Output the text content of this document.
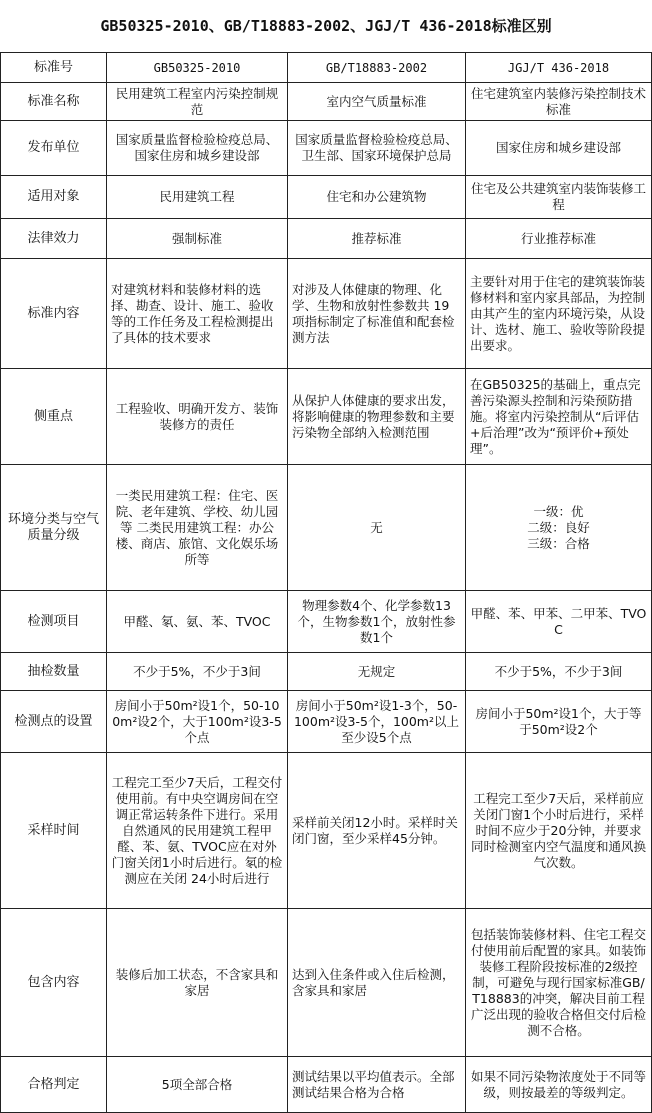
GB50325-2010、GB/T18883-2002、JGJ/T 436-2018标准区别
标准号	GB50325-2010	GB/T18883-2002	JGJ/T 436-2018
标准名称	民用建筑工程室内污染控制规范	室内空气质量标准	住宅建筑室内装修污染控制技术标准
发布单位	国家质量监督检验检疫总局、国家住房和城乡建设部	国家质量监督检验检疫总局、卫生部、国家环境保护总局	国家住房和城乡建设部
适用对象	民用建筑工程	住宅和办公建筑物	住宅及公共建筑室内装饰装修工程
法律效力	强制标准	推荐标准	行业推荐标准
标准内容	对建筑材料和装修材料的选择、勘查、设计、施工、验收等的工作任务及工程检测提出了具体的技术要求	对涉及人体健康的物理、化学、生物和放射性参数共 19项指标制定了标准值和配套检测方法	主要针对用于住宅的建筑装饰装修材料和室内家具部品，为控制由其产生的室内环境污染，从设计、选材、施工、验收等阶段提出要求。
侧重点	工程验收、明确开发方、装饰装修方的责任	从保护人体健康的要求出发，将影响健康的物理参数和主要污染物全部纳入检测范围	在GB50325的基础上，重点完善污染源头控制和污染预防措施。将室内污染控制从“后评估+后治理”改为“预评价+预处理”。
环境分类与空气质量分级	一类民用建筑工程：住宅、医院、老年建筑、学校、幼儿园等 二类民用建筑工程：办公楼、商店、旅馆、文化娱乐场所等	无	一级：优
二级：良好
三级：合格

检测项目	甲醛、氡、氨、苯、TVOC	物理参数4个、化学参数13个，生物参数1个，放射性参数1个	甲醛、苯、甲苯、二甲苯、TVOC
抽检数量	不少于5%，不少于3间	无规定	不少于5%，不少于3间
检测点的设置	房间小于50m²设1个，50-100m²设2个，大于100m²设3-5个点	房间小于50m²设1-3个，50-100m²设3-5个，100m²以上至少设5个点	房间小于50m²设1个，大于等于50m²设2个
采样时间	工程完工至少7天后，工程交付使用前。有中央空调房间在空调正常运转条件下进行。采用自然通风的民用建筑工程甲醛、苯、氨、TVOC应在对外门窗关闭1小时后进行。氡的检测应在关闭 24小时后进行	采样前关闭12小时。采样时关闭门窗，至少采样45分钟。	工程完工至少7天后，采样前应关闭门窗1个小时后进行，采样时间不应少于20分钟，并要求同时检测室内空气温度和通风换气次数。
包含内容	装修后加工状态，不含家具和家居	达到入住条件或入住后检测，含家具和家居	包括装饰装修材料、住宅工程交付使用前后配置的家具。如装饰装修工程阶段按标准的2级控制，可避免与现行国家标准GB/T18883的冲突，解决目前工程广泛出现的验收合格但交付后检测不合格。
合格判定	5项全部合格	测试结果以平均值表示。全部测试结果合格为合格	如果不同污染物浓度处于不同等级，则按最差的等级判定。
